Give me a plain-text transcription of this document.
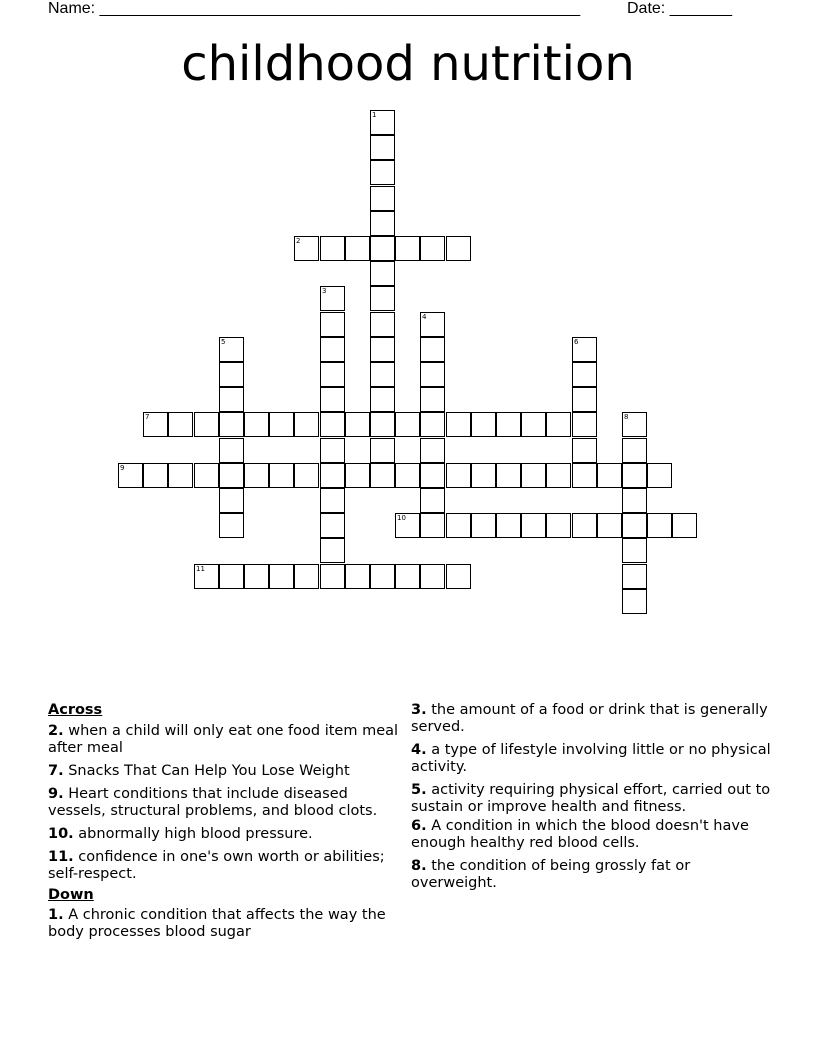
Name: ______________________________________________________	Date: _______
childhood nutrition
1
2
3
4
5	6
7	8
9
10
11
Across
2. when a child will only eat one food item meal after meal
7. Snacks That Can Help You Lose Weight
9. Heart conditions that include diseased vessels, structural problems, and blood clots.
10. abnormally high blood pressure.
11. confidence in one's own worth or abilities; self-respect.
Down
1. A chronic condition that affects the way the body processes blood sugar
3. the amount of a food or drink that is generally served.
4. a type of lifestyle involving little or no physical activity.
5. activity requiring physical effort, carried out to sustain or improve health and fitness.
6. A condition in which the blood doesn't have enough healthy red blood cells.
8. the condition of being grossly fat or overweight.
